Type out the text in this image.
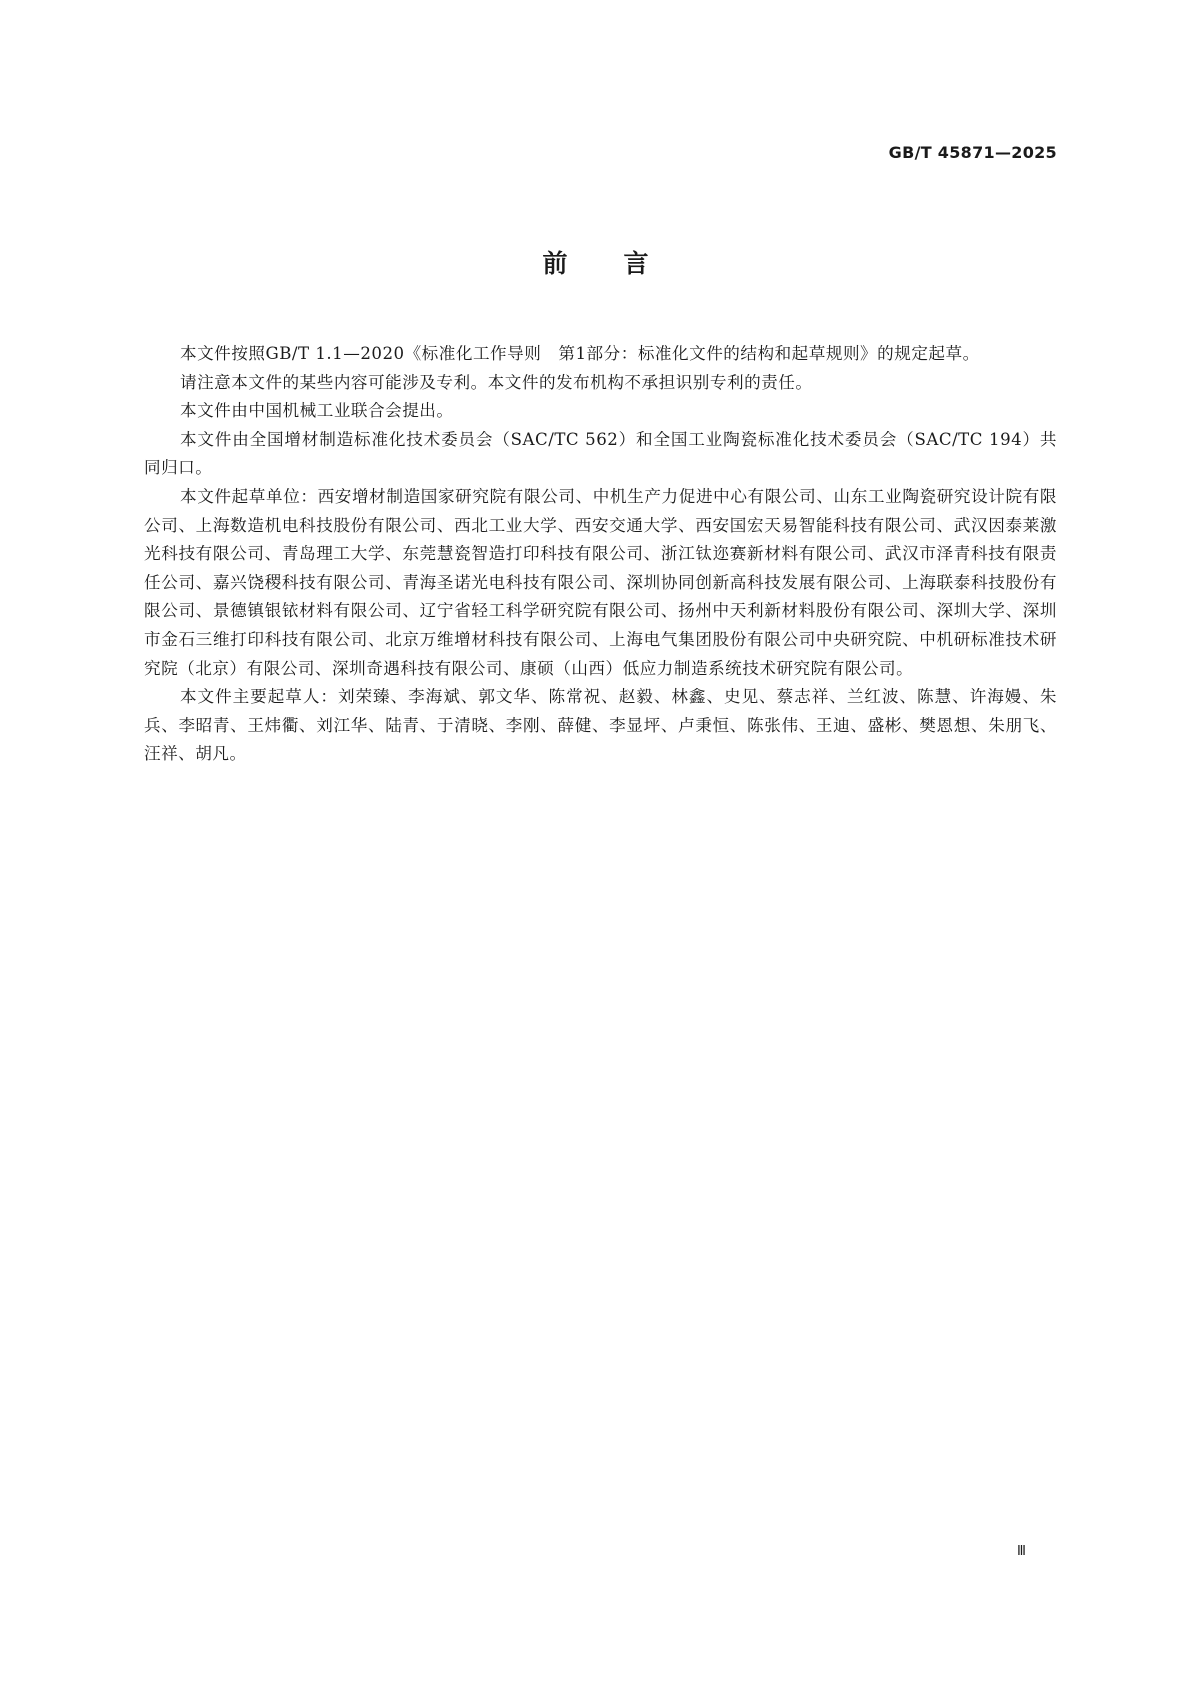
GB/T 45871—2025
前言

本文件按照GB/T 1.1—2020《标准化工作导则　第1部分：标准化文件的结构和起草规则》的规定起草。

请注意本文件的某些内容可能涉及专利。本文件的发布机构不承担识别专利的责任。

本文件由中国机械工业联合会提出。

本文件由全国增材制造标准化技术委员会（SAC/TC 562）和全国工业陶瓷标准化技术委员会（SAC/TC 194）共同归口。

本文件起草单位：西安增材制造国家研究院有限公司、中机生产力促进中心有限公司、山东工业陶瓷研究设计院有限公司、上海数造机电科技股份有限公司、西北工业大学、西安交通大学、西安国宏天易智能科技有限公司、武汉因泰莱激光科技有限公司、青岛理工大学、东莞慧瓷智造打印科技有限公司、浙江钛迩赛新材料有限公司、武汉市泽青科技有限责任公司、嘉兴饶稷科技有限公司、青海圣诺光电科技有限公司、深圳协同创新高科技发展有限公司、上海联泰科技股份有限公司、景德镇银铱材料有限公司、辽宁省轻工科学研究院有限公司、扬州中天利新材料股份有限公司、深圳大学、深圳市金石三维打印科技有限公司、北京万维增材科技有限公司、上海电气集团股份有限公司中央研究院、中机研标准技术研究院（北京）有限公司、深圳奇遇科技有限公司、康硕（山西）低应力制造系统技术研究院有限公司。

本文件主要起草人：刘荣臻、李海斌、郭文华、陈常祝、赵毅、林鑫、史见、蔡志祥、兰红波、陈慧、许海嫚、朱兵、李昭青、王炜衢、刘江华、陆青、于清晓、李刚、薛健、李显坪、卢秉恒、陈张伟、王迪、盛彬、樊恩想、朱朋飞、汪祥、胡凡。

Ⅲ
